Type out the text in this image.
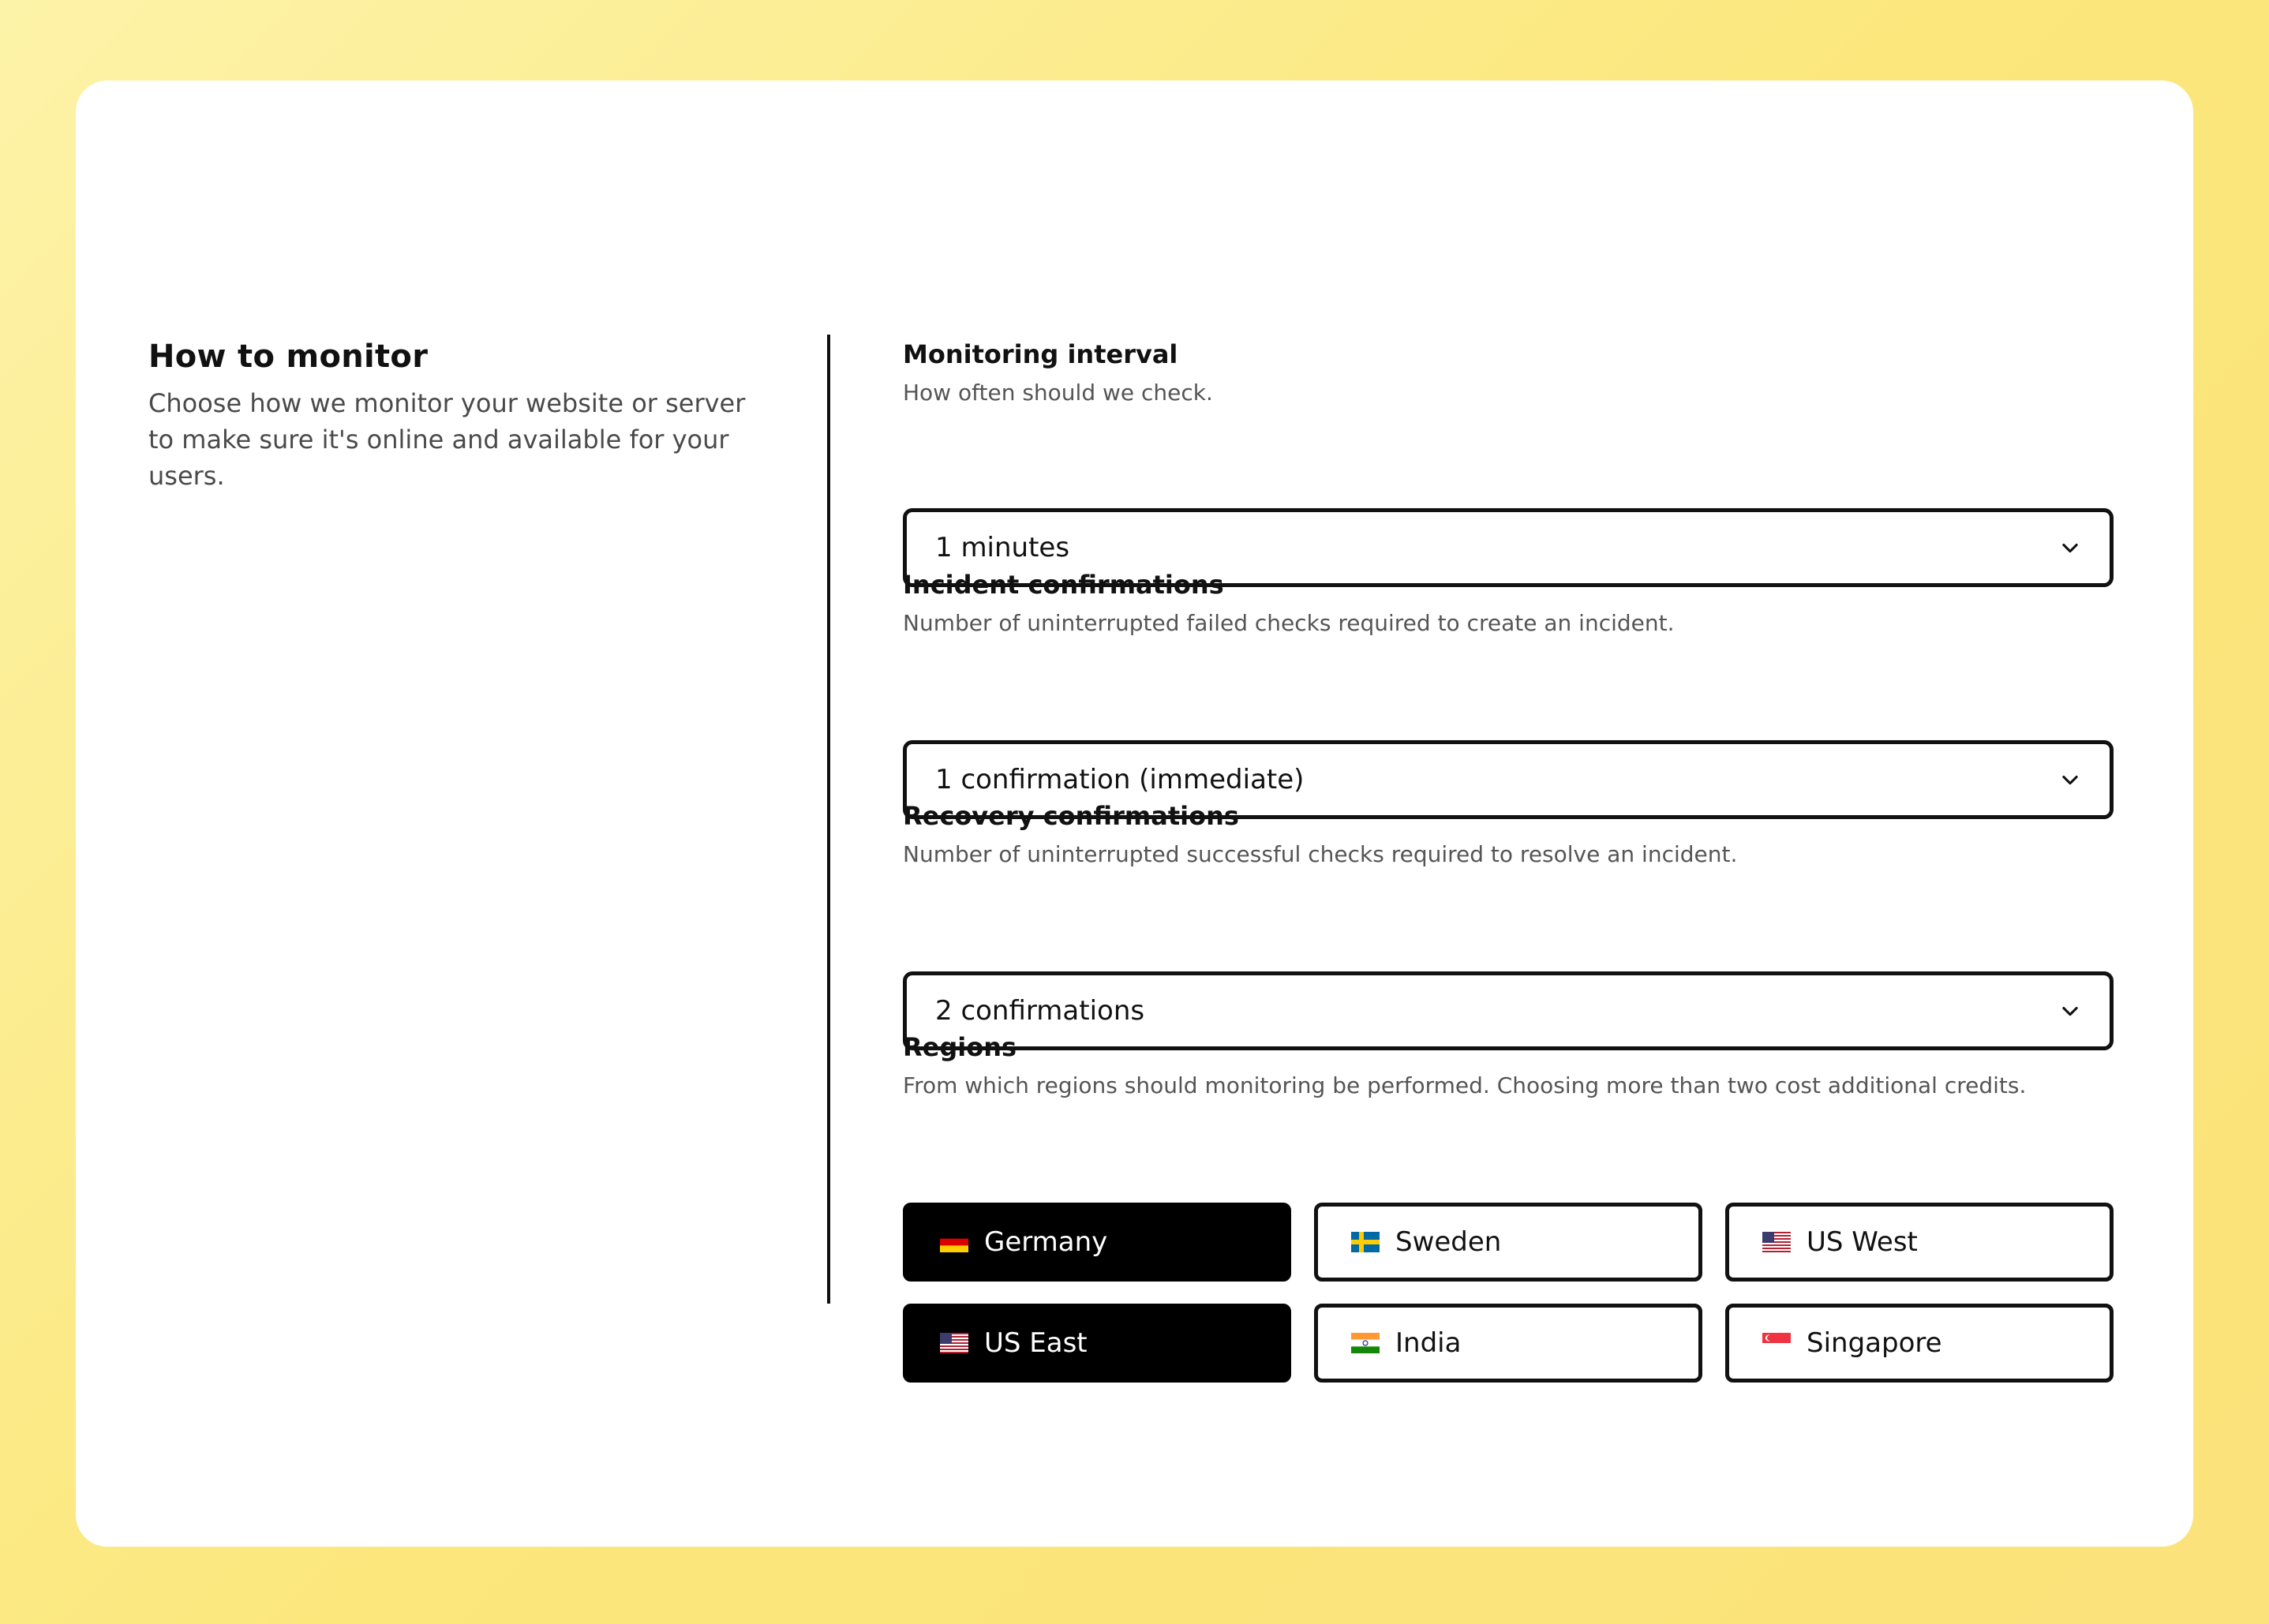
How to monitor

Choose how we monitor your website or server to make sure it's online and available for your users.

Monitoring interval

How often should we check.

1 minutes
Incident confirmations

Number of uninterrupted failed checks required to create an incident.

1 confirmation (immediate)
Recovery confirmations

Number of uninterrupted successful checks required to resolve an incident.

2 confirmations
Regions

From which regions should monitoring be performed. Choosing more than two cost additional credits.

Germany	Sweden	US West
US East	India	Singapore
